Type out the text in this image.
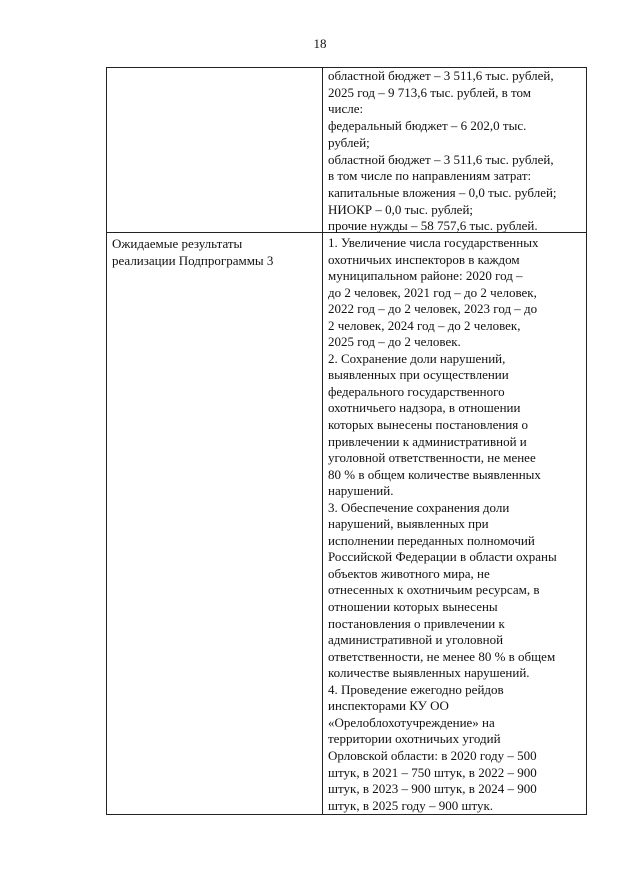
18
областной бюджет – 3 511,6 тыс. рублей,
2025 год – 9 713,6 тыс. рублей, в том
числе:
федеральный бюджет – 6 202,0 тыс.
рублей;
областной бюджет – 3 511,6 тыс. рублей,
в том числе по направлениям затрат:
капитальные вложения – 0,0 тыс. рублей;
НИОКР – 0,0 тыс. рублей;
прочие нужды – 58 757,6 тыс. рублей.
Ожидаемые результаты
реализации Подпрограммы 3
1. Увеличение числа государственных
охотничьих инспекторов в каждом
муниципальном районе: 2020 год –
до 2 человек, 2021 год – до 2 человек,
2022 год – до 2 человек, 2023 год – до
2 человек, 2024 год – до 2 человек,
2025 год – до 2 человек.
2. Сохранение доли нарушений,
выявленных при осуществлении
федерального государственного
охотничьего надзора, в отношении
которых вынесены постановления о
привлечении к административной и
уголовной ответственности, не менее
80 % в общем количестве выявленных
нарушений.
3. Обеспечение сохранения доли
нарушений, выявленных при
исполнении переданных полномочий
Российской Федерации в области охраны
объектов животного мира, не
отнесенных к охотничьим ресурсам, в
отношении которых вынесены
постановления о привлечении к
административной и уголовной
ответственности, не менее 80 % в общем
количестве выявленных нарушений.
4. Проведение ежегодно рейдов
инспекторами КУ ОО
«Орелоблохотучреждение» на
территории охотничьих угодий
Орловской области: в 2020 году – 500
штук, в 2021 – 750 штук, в 2022 – 900
штук, в 2023 – 900 штук, в 2024 – 900
штук, в 2025 году – 900 штук.
